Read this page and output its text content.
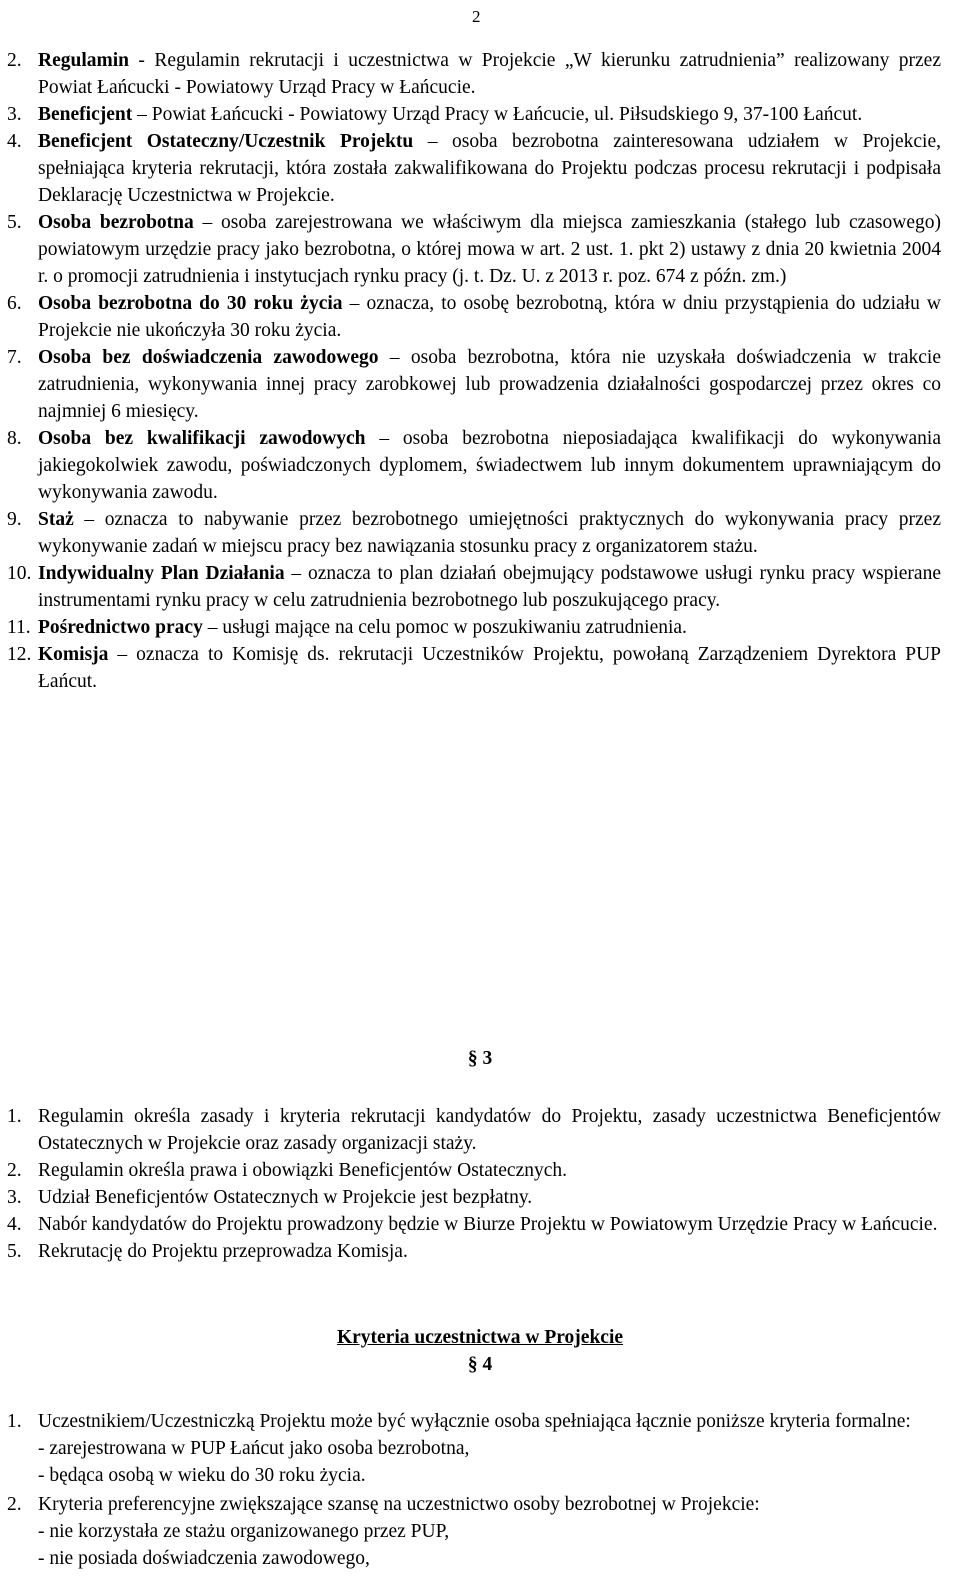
2
2. Regulamin - Regulamin rekrutacji i uczestnictwa w Projekcie „W kierunku zatrudnienia” realizowany przez Powiat Łańcucki - Powiatowy Urząd Pracy w Łańcucie.
3. Beneficjent – Powiat Łańcucki - Powiatowy Urząd Pracy w Łańcucie, ul. Piłsudskiego 9, 37-100 Łańcut.
4. Beneficjent Ostateczny/Uczestnik Projektu – osoba bezrobotna zainteresowana udziałem w Projekcie, spełniająca kryteria rekrutacji, która została zakwalifikowana do Projektu podczas procesu rekrutacji i podpisała Deklarację Uczestnictwa w Projekcie.
5. Osoba bezrobotna – osoba zarejestrowana we właściwym dla miejsca zamieszkania (stałego lub czasowego) powiatowym urzędzie pracy jako bezrobotna, o której mowa w art. 2 ust. 1. pkt 2) ustawy z dnia 20 kwietnia 2004 r. o promocji zatrudnienia i instytucjach rynku pracy (j. t. Dz. U. z 2013 r. poz. 674 z późn. zm.)
6. Osoba bezrobotna do 30 roku życia – oznacza, to osobę bezrobotną, która w dniu przystąpienia do udziału w Projekcie nie ukończyła 30 roku życia.
7. Osoba bez doświadczenia zawodowego – osoba bezrobotna, która nie uzyskała doświadczenia w trakcie zatrudnienia, wykonywania innej pracy zarobkowej lub prowadzenia działalności gospodarczej przez okres co najmniej 6 miesięcy.
8. Osoba bez kwalifikacji zawodowych – osoba bezrobotna nieposiadająca kwalifikacji do wykonywania jakiegokolwiek zawodu, poświadczonych dyplomem, świadectwem lub innym dokumentem uprawniającym do wykonywania zawodu.
9. Staż – oznacza to nabywanie przez bezrobotnego umiejętności praktycznych do wykonywania pracy przez wykonywanie zadań w miejscu pracy bez nawiązania stosunku pracy z organizatorem stażu.
10. Indywidualny Plan Działania – oznacza to plan działań obejmujący podstawowe usługi rynku pracy wspierane instrumentami rynku pracy w celu zatrudnienia bezrobotnego lub poszukującego pracy.
11. Pośrednictwo pracy – usługi mające na celu pomoc w poszukiwaniu zatrudnienia.
12. Komisja – oznacza to Komisję ds. rekrutacji Uczestników Projektu, powołaną Zarządzeniem Dyrektora PUP Łańcut.
§ 3
1. Regulamin określa zasady i kryteria rekrutacji kandydatów do Projektu, zasady uczestnictwa Beneficjentów Ostatecznych w Projekcie oraz zasady organizacji staży.
2. Regulamin określa prawa i obowiązki Beneficjentów Ostatecznych.
3. Udział Beneficjentów Ostatecznych w Projekcie jest bezpłatny.
4. Nabór kandydatów do Projektu prowadzony będzie w Biurze Projektu w Powiatowym Urzędzie Pracy w Łańcucie.
5. Rekrutację do Projektu przeprowadza Komisja.
Kryteria uczestnictwa w Projekcie
§ 4
1. Uczestnikiem/Uczestniczką Projektu może być wyłącznie osoba spełniająca łącznie poniższe kryteria formalne:
- zarejestrowana w PUP Łańcut jako osoba bezrobotna,
- będąca osobą w wieku do 30 roku życia.
2. Kryteria preferencyjne zwiększające szansę na uczestnictwo osoby bezrobotnej w Projekcie:
- nie korzystała ze stażu organizowanego przez PUP,
- nie posiada doświadczenia zawodowego,
